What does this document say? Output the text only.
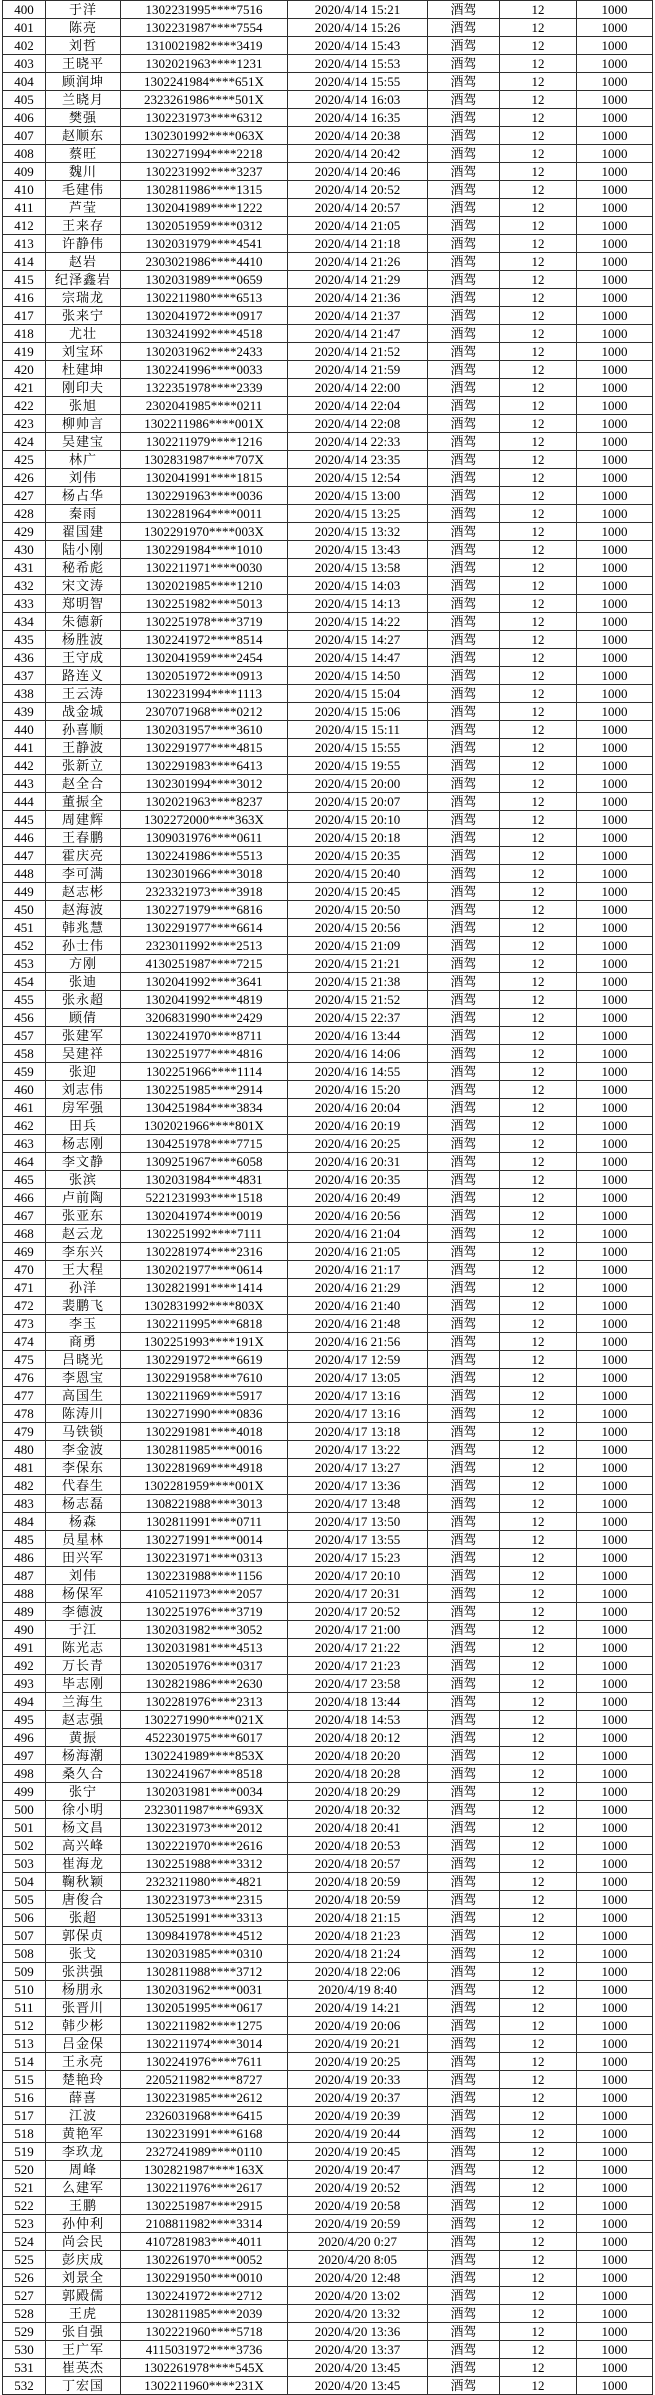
400	于洋	1302231995****7516	2020/4/14 15:21	酒驾	12	1000
401	陈亮	1302231987****7554	2020/4/14 15:26	酒驾	12	1000
402	刘哲	1310021982****3419	2020/4/14 15:43	酒驾	12	1000
403	王晓平	1302021963****1231	2020/4/14 15:53	酒驾	12	1000
404	顾润坤	1302241984****651X	2020/4/14 15:55	酒驾	12	1000
405	兰晓月	2323261986****501X	2020/4/14 16:03	酒驾	12	1000
406	樊强	1302231973****6312	2020/4/14 16:35	酒驾	12	1000
407	赵顺东	1302301992****063X	2020/4/14 20:38	酒驾	12	1000
408	蔡旺	1302271994****2218	2020/4/14 20:42	酒驾	12	1000
409	魏川	1302231992****3237	2020/4/14 20:46	酒驾	12	1000
410	毛建伟	1302811986****1315	2020/4/14 20:52	酒驾	12	1000
411	芦莹	1302041989****1222	2020/4/14 20:57	酒驾	12	1000
412	王来存	1302051959****0312	2020/4/14 21:05	酒驾	12	1000
413	许静伟	1302031979****4541	2020/4/14 21:18	酒驾	12	1000
414	赵岩	2303021986****4410	2020/4/14 21:26	酒驾	12	1000
415	纪泽鑫岩	1302031989****0659	2020/4/14 21:29	酒驾	12	1000
416	宗瑞龙	1302211980****6513	2020/4/14 21:36	酒驾	12	1000
417	张来宁	1302041972****0917	2020/4/14 21:37	酒驾	12	1000
418	尤壮	1303241992****4518	2020/4/14 21:47	酒驾	12	1000
419	刘宝环	1302031962****2433	2020/4/14 21:52	酒驾	12	1000
420	杜建坤	1302241996****0033	2020/4/14 21:59	酒驾	12	1000
421	刚印夫	1322351978****2339	2020/4/14 22:00	酒驾	12	1000
422	张旭	2302041985****0211	2020/4/14 22:04	酒驾	12	1000
423	柳帅言	1302211986****001X	2020/4/14 22:08	酒驾	12	1000
424	吴建宝	1302211979****1216	2020/4/14 22:33	酒驾	12	1000
425	林广	1302831987****707X	2020/4/14 23:35	酒驾	12	1000
426	刘伟	1302041991****1815	2020/4/15 12:54	酒驾	12	1000
427	杨占华	1302291963****0036	2020/4/15 13:00	酒驾	12	1000
428	秦雨	1302281964****0011	2020/4/15 13:25	酒驾	12	1000
429	翟国建	1302291970****003X	2020/4/15 13:32	酒驾	12	1000
430	陆小刚	1302291984****1010	2020/4/15 13:43	酒驾	12	1000
431	秘希彪	1302211971****0030	2020/4/15 13:58	酒驾	12	1000
432	宋文涛	1302021985****1210	2020/4/15 14:03	酒驾	12	1000
433	郑明智	1302251982****5013	2020/4/15 14:13	酒驾	12	1000
434	朱德新	1302251978****3719	2020/4/15 14:22	酒驾	12	1000
435	杨胜波	1302241972****8514	2020/4/15 14:27	酒驾	12	1000
436	王守成	1302041959****2454	2020/4/15 14:47	酒驾	12	1000
437	路连义	1302051972****0913	2020/4/15 14:50	酒驾	12	1000
438	王云涛	1302231994****1113	2020/4/15 15:04	酒驾	12	1000
439	战金城	2307071968****0212	2020/4/15 15:06	酒驾	12	1000
440	孙喜顺	1302031957****3610	2020/4/15 15:11	酒驾	12	1000
441	王静波	1302291977****4815	2020/4/15 15:55	酒驾	12	1000
442	张新立	1302291983****6413	2020/4/15 19:55	酒驾	12	1000
443	赵全合	1302301994****3012	2020/4/15 20:00	酒驾	12	1000
444	董振全	1302021963****8237	2020/4/15 20:07	酒驾	12	1000
445	周建辉	1302272000****363X	2020/4/15 20:10	酒驾	12	1000
446	王春鹏	1309031976****0611	2020/4/15 20:18	酒驾	12	1000
447	霍庆亮	1302241986****5513	2020/4/15 20:35	酒驾	12	1000
448	李可满	1302301966****3018	2020/4/15 20:40	酒驾	12	1000
449	赵志彬	2323321973****3918	2020/4/15 20:45	酒驾	12	1000
450	赵海波	1302271979****6816	2020/4/15 20:50	酒驾	12	1000
451	韩兆慧	1302291977****6614	2020/4/15 20:56	酒驾	12	1000
452	孙士伟	2323011992****2513	2020/4/15 21:09	酒驾	12	1000
453	方刚	4130251987****7215	2020/4/15 21:21	酒驾	12	1000
454	张迪	1302041992****3641	2020/4/15 21:38	酒驾	12	1000
455	张永超	1302041992****4819	2020/4/15 21:52	酒驾	12	1000
456	顾倩	3206831990****2429	2020/4/15 22:37	酒驾	12	1000
457	张建军	1302241970****8711	2020/4/16 13:44	酒驾	12	1000
458	吴建祥	1302251977****4816	2020/4/16 14:06	酒驾	12	1000
459	张迎	1302251966****1114	2020/4/16 14:55	酒驾	12	1000
460	刘志伟	1302251985****2914	2020/4/16 15:20	酒驾	12	1000
461	房军强	1304251984****3834	2020/4/16 20:04	酒驾	12	1000
462	田兵	1302021966****801X	2020/4/16 20:19	酒驾	12	1000
463	杨志刚	1304251978****7715	2020/4/16 20:25	酒驾	12	1000
464	李文静	1309251967****6058	2020/4/16 20:31	酒驾	12	1000
465	张滨	1302031984****4831	2020/4/16 20:35	酒驾	12	1000
466	卢前陶	5221231993****1518	2020/4/16 20:49	酒驾	12	1000
467	张亚东	1302041974****0019	2020/4/16 20:56	酒驾	12	1000
468	赵云龙	1302251992****7111	2020/4/16 21:04	酒驾	12	1000
469	李东兴	1302281974****2316	2020/4/16 21:05	酒驾	12	1000
470	王大程	1302021977****0614	2020/4/16 21:17	酒驾	12	1000
471	孙洋	1302821991****1414	2020/4/16 21:29	酒驾	12	1000
472	裴鹏飞	1302831992****803X	2020/4/16 21:40	酒驾	12	1000
473	李玉	1302211995****6818	2020/4/16 21:48	酒驾	12	1000
474	商勇	1302251993****191X	2020/4/16 21:56	酒驾	12	1000
475	吕晓光	1302291972****6619	2020/4/17 12:59	酒驾	12	1000
476	李恩宝	1302291958****7610	2020/4/17 13:05	酒驾	12	1000
477	高国生	1302211969****5917	2020/4/17 13:16	酒驾	12	1000
478	陈涛川	1302271990****0836	2020/4/17 13:16	酒驾	12	1000
479	马铁锁	1302291981****4018	2020/4/17 13:18	酒驾	12	1000
480	李金波	1302811985****0016	2020/4/17 13:22	酒驾	12	1000
481	李保东	1302281969****4918	2020/4/17 13:27	酒驾	12	1000
482	代春生	1302281959****001X	2020/4/17 13:36	酒驾	12	1000
483	杨志磊	1308221988****3013	2020/4/17 13:48	酒驾	12	1000
484	杨森	1302811991****0711	2020/4/17 13:50	酒驾	12	1000
485	员星林	1302271991****0014	2020/4/17 13:55	酒驾	12	1000
486	田兴军	1302231971****0313	2020/4/17 15:23	酒驾	12	1000
487	刘伟	1302231988****1156	2020/4/17 20:10	酒驾	12	1000
488	杨保军	4105211973****2057	2020/4/17 20:31	酒驾	12	1000
489	李德波	1302251976****3719	2020/4/17 20:52	酒驾	12	1000
490	于江	1302031982****3052	2020/4/17 21:00	酒驾	12	1000
491	陈光志	1302031981****4513	2020/4/17 21:22	酒驾	12	1000
492	万长青	1302051976****0317	2020/4/17 21:23	酒驾	12	1000
493	毕志刚	1302821986****2630	2020/4/17 23:58	酒驾	12	1000
494	兰海生	1302281976****2313	2020/4/18 13:44	酒驾	12	1000
495	赵志强	1302271990****021X	2020/4/18 14:53	酒驾	12	1000
496	黄振	4522301975****6017	2020/4/18 20:12	酒驾	12	1000
497	杨海潮	1302241989****853X	2020/4/18 20:20	酒驾	12	1000
498	桑久合	1302241967****8518	2020/4/18 20:28	酒驾	12	1000
499	张宁	1302031981****0034	2020/4/18 20:29	酒驾	12	1000
500	徐小明	2323011987****693X	2020/4/18 20:32	酒驾	12	1000
501	杨文昌	1302231973****2012	2020/4/18 20:41	酒驾	12	1000
502	高兴峰	1302221970****2616	2020/4/18 20:53	酒驾	12	1000
503	崔海龙	1302251988****3312	2020/4/18 20:57	酒驾	12	1000
504	鞠秋颖	2323211980****4821	2020/4/18 20:59	酒驾	12	1000
505	唐俊合	1302231973****2315	2020/4/18 20:59	酒驾	12	1000
506	张超	1305251991****3313	2020/4/18 21:15	酒驾	12	1000
507	郭保贞	1309841978****4512	2020/4/18 21:23	酒驾	12	1000
508	张戈	1302031985****0310	2020/4/18 21:24	酒驾	12	1000
509	张洪强	1302811988****3712	2020/4/18 22:06	酒驾	12	1000
510	杨朋永	1302031962****0031	2020/4/19 8:40	酒驾	12	1000
511	张晋川	1302051995****0617	2020/4/19 14:21	酒驾	12	1000
512	韩少彬	1302211982****1275	2020/4/19 20:06	酒驾	12	1000
513	吕金保	1302211974****3014	2020/4/19 20:21	酒驾	12	1000
514	王永亮	1302241976****7611	2020/4/19 20:25	酒驾	12	1000
515	楚艳玲	2205211982****8727	2020/4/19 20:33	酒驾	12	1000
516	薛喜	1302231985****2612	2020/4/19 20:37	酒驾	12	1000
517	江波	2326031968****6415	2020/4/19 20:39	酒驾	12	1000
518	黄艳军	1302231991****6168	2020/4/19 20:44	酒驾	12	1000
519	李玖龙	2327241989****0110	2020/4/19 20:45	酒驾	12	1000
520	周峰	1302821987****163X	2020/4/19 20:47	酒驾	12	1000
521	么建军	1302211976****2617	2020/4/19 20:52	酒驾	12	1000
522	王鹏	1302251987****2915	2020/4/19 20:58	酒驾	12	1000
523	孙仲利	2108811982****3314	2020/4/19 20:59	酒驾	12	1000
524	尚会民	4107281983****4011	2020/4/20 0:27	酒驾	12	1000
525	彭庆成	1302261970****0052	2020/4/20 8:05	酒驾	12	1000
526	刘景全	1302291950****0010	2020/4/20 12:48	酒驾	12	1000
527	郭殿儒	1302241972****2712	2020/4/20 13:02	酒驾	12	1000
528	王虎	1302811985****2039	2020/4/20 13:32	酒驾	12	1000
529	张自强	1302221960****5718	2020/4/20 13:36	酒驾	12	1000
530	王广军	4115031972****3736	2020/4/20 13:37	酒驾	12	1000
531	崔英杰	1302261978****545X	2020/4/20 13:45	酒驾	12	1000
532	丁宏国	1302211960****231X	2020/4/20 13:45	酒驾	12	1000
